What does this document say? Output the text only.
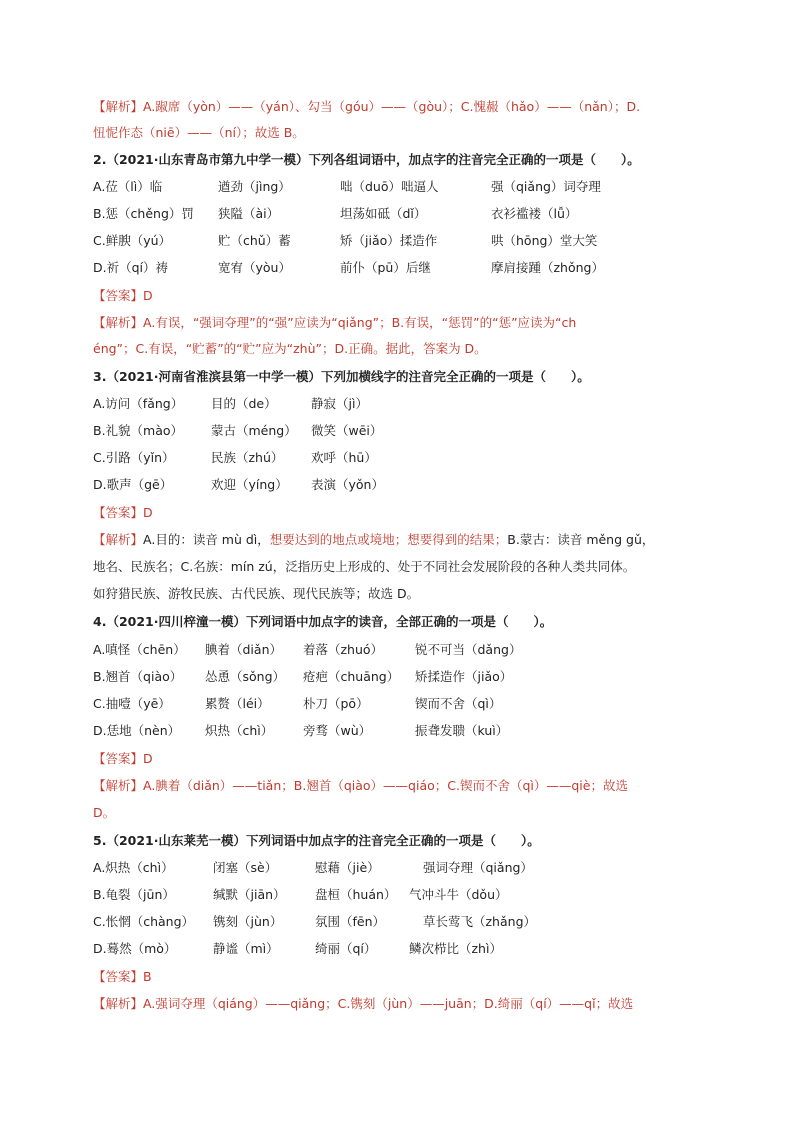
【解析】A.踧席（yòn）——（yán）、勾当（góu）——（gòu）；C.愧赧（hǎo）——（nǎn）；D.
忸怩作态（niē）——（ní）；故选 B。
2.（2021·山东青岛市第九中学一模）下列各组词语中，加点字的注音完全正确的一项是（　　）。
A.莅（lì）临	遒劲（jìng）	咄（duō）咄逼人	强（qiǎng）词夺理
B.惩（chěng）罚 狭隘（ài）	坦荡如砥（dǐ）	衣衫褴褛（lǚ）
C.鲜腴（yú）	贮（chǔ）蓄	矫（jiǎo）揉造作	哄（hōng）堂大笑
D.祈（qí）祷	宽宥（yòu）	前仆（pū）后继	摩肩接踵（zhǒng）
【答案】D
【解析】A.有误，“强词夺理”的“强”应读为“qiǎng”；B.有误，“惩罚”的“惩”应读为“ch
éng”；C.有误，“贮蓄”的“贮”应为“zhù”；D.正确。据此，答案为 D。
3.（2021·河南省淮滨县第一中学一模）下列加横线字的注音完全正确的一项是（　　）。
A.访问（fǎng） 目的（de）	静寂（jì）
B.礼貌（mào） 蒙古（méng） 微笑（wēi）
C.引路（yǐn）	民族（zhú） 欢呼（hū）
D.歌声（gē）	欢迎（yíng） 表演（yǒn）
【答案】D
【解析】A.目的：读音 mù dì，想要达到的地点或境地；想要得到的结果；B.蒙古：读音 měng gǔ，
地名、民族名；C.名族：mín zú，泛指历史上形成的、处于不同社会发展阶段的各种人类共同体。
如狩猎民族、游牧民族、古代民族、现代民族等；故选 D。
4.（2021·四川梓潼一模）下列词语中加点字的读音，全部正确的一项是（　　）。
A.嗔怪（chēn） 腆着（diǎn） 着落（zhuó）	锐不可当（dǎng）
B.翘首（qiào） 怂恿（sǒng） 疮疤（chuāng） 矫揉造作（jiǎo）
C.抽噎（yē）	累赘（léi）	朴刀（pō）	锲而不舍（qì）
D.恁地（nèn） 炽热（chì） 旁骛（wù）	振聋发聩（kuì）
【答案】D
【解析】A.腆着（diǎn）——tiǎn；B.翘首（qiào）——qiáo；C.锲而不舍（qì）——qiè；故选
D。
5.（2021·山东莱芜一模）下列词语中加点字的注音完全正确的一项是（　　）。
A.炽热（chì）	闭塞（sè）	慰藉（jiè）	强词夺理（qiǎng）
B.龟裂（jūn）	缄默（jiān） 盘桓（huán） 气冲斗牛（dǒu）
C.怅惘（chàng） 镌刻（jùn）	氛围（fēn）	草长莺飞（zhǎng）
D.蓦然（mò）	静谧（mì）	绮丽（qí）	鳞次栉比（zhì）
【答案】B
【解析】A.强词夺理（qiáng）——qiǎng；C.镌刻（jùn）——juān；D.绮丽（qí）——qǐ；故选
